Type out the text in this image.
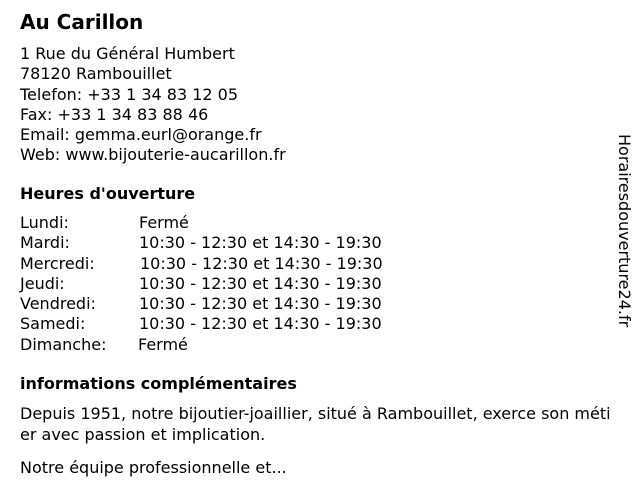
Au Carillon
1 Rue du Général Humbert
78120 Rambouillet
Telefon: +33 1 34 83 12 05
Fax: +33 1 34 83 88 46
Email: gemma.eurl@orange.fr
Web: www.bijouterie-aucarillon.fr
Heures d'ouverture
Lundi:	Fermé
Mardi:	10:30 - 12:30 et 14:30 - 19:30
Mercredi:	10:30 - 12:30 et 14:30 - 19:30
Jeudi:	10:30 - 12:30 et 14:30 - 19:30
Vendredi:	10:30 - 12:30 et 14:30 - 19:30
Samedi:	10:30 - 12:30 et 14:30 - 19:30
Dimanche: Fermé
informations complémentaires
Depuis 1951, notre bijoutier-joaillier, situé à Rambouillet, exerce son métier avec passion et implication.
Notre équipe professionnelle et...
Horairesdouverture24.fr
